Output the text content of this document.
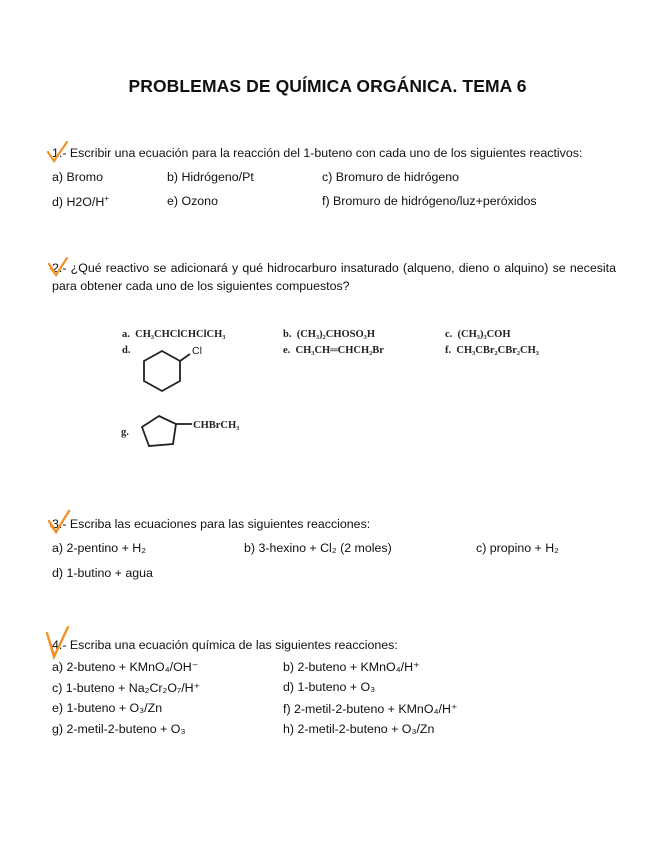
PROBLEMAS DE QUÍMICA ORGÁNICA. TEMA 6
1.- Escribir una ecuación para la reacción del 1-buteno con cada uno de los siguientes reactivos:
a) Bromo	b) Hidrógeno/Pt	c) Bromuro de hidrógeno
d) H2O/H+	e) Ozono	f) Bromuro de hidrógeno/luz+peróxidos
2.- ¿Qué reactivo se adicionará y qué hidrocarburo insaturado (alqueno, dieno o alquino) se necesita para obtener cada uno de los siguientes compuestos?
a. CH₃CHClCHClCH₃	b. (CH₃)₂CHOSO₃H	c. (CH₃)₃COH
d.	Cl	e. CH₃CH═CHCH₂Br	f. CH₃CBr₂CBr₂CH₃
g.
CHBrCH₃
3.- Escriba las ecuaciones para las siguientes reacciones:
a) 2-pentino + H₂	b) 3-hexino + Cl₂ (2 moles)	c) propino + H₂
d) 1-butino + agua
4.- Escriba una ecuación química de las siguientes reacciones:
a) 2-buteno + KMnO₄/OH⁻	b) 2-buteno + KMnO₄/H⁺
c) 1-buteno + Na₂Cr₂O₇/H⁺	d) 1-buteno + O₃
e) 1-buteno + O₃/Zn	f) 2-metil-2-buteno + KMnO₄/H⁺
g) 2-metil-2-buteno + O₃	h) 2-metil-2-buteno + O₃/Zn
